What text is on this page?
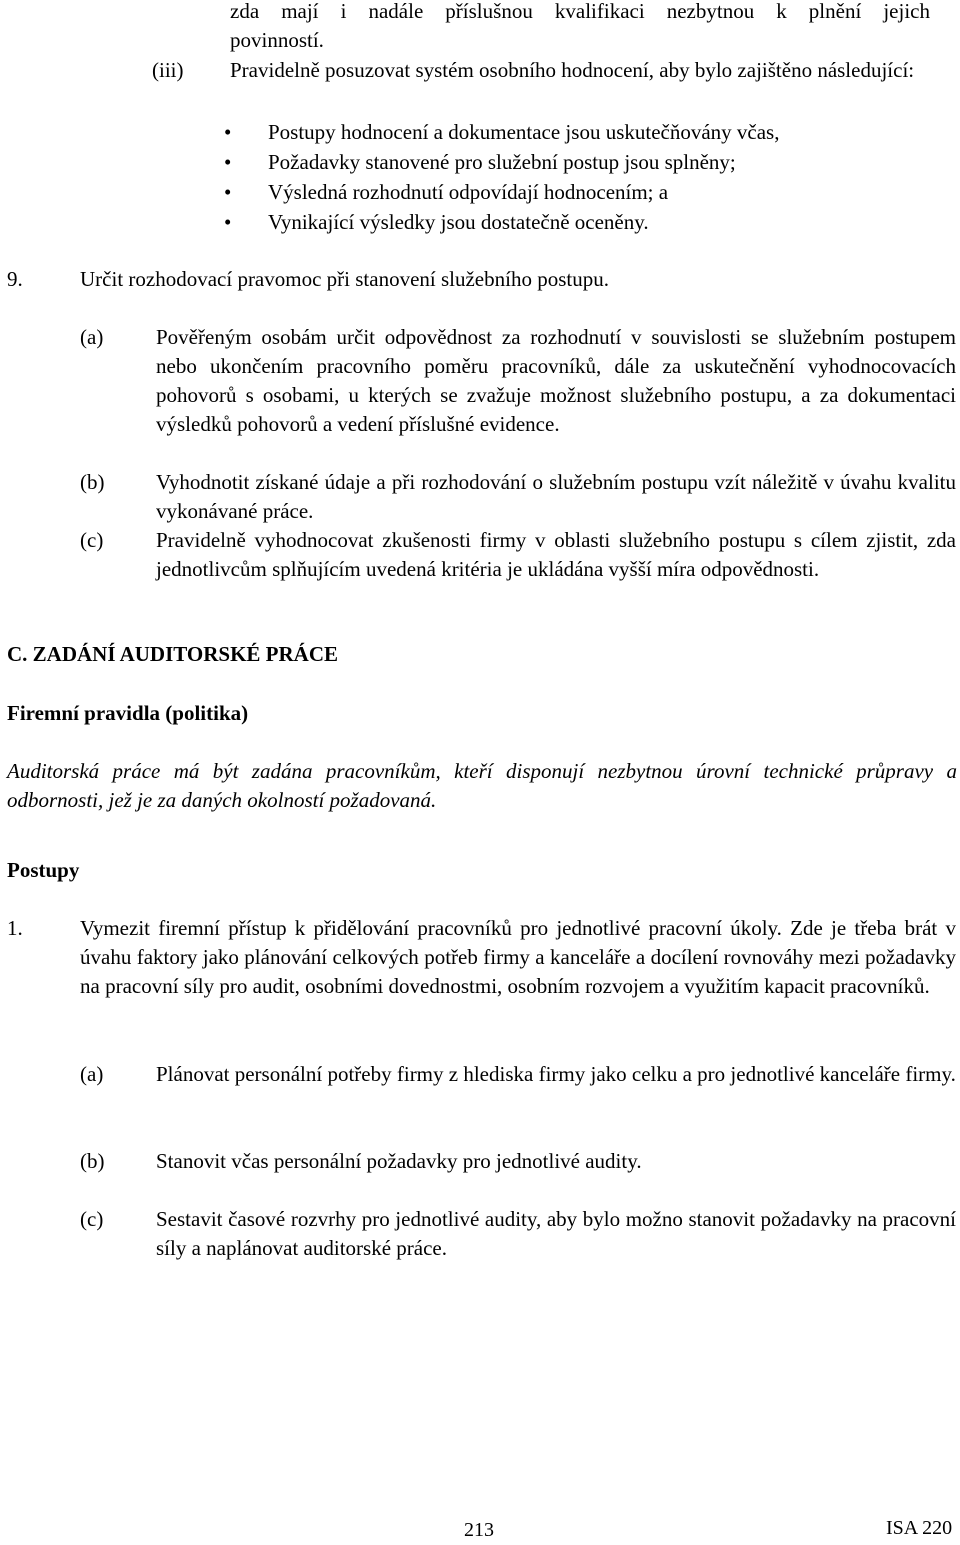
zda mají i nadále příslušnou kvalifikaci nezbytnou k plnění jejich
povinností.
(iii) Pravidelně posuzovat systém osobního hodnocení, aby bylo zajištěno následující:
• Postupy hodnocení a dokumentace jsou uskutečňovány včas,
• Požadavky stanovené pro služební postup jsou splněny;
• Výsledná rozhodnutí odpovídají hodnocením; a
• Vynikající výsledky jsou dostatečně oceněny.
9.	Určit rozhodovací pravomoc při stanovení služebního postupu.
(a)	Pověřeným osobám určit odpovědnost za rozhodnutí v souvislosti se služebním postupem nebo ukončením pracovního poměru pracovníků, dále za uskutečnění vyhodnocovacích pohovorů s osobami, u kterých se zvažuje možnost služebního postupu, a za dokumentaci výsledků pohovorů a vedení příslušné evidence.
(b) Vyhodnotit získané údaje a při rozhodování o služebním postupu vzít náležitě v úvahu kvalitu vykonávané práce.
(c)	Pravidelně vyhodnocovat zkušenosti firmy v oblasti služebního postupu s cílem zjistit, zda jednotlivcům splňujícím uvedená kritéria je ukládána vyšší míra odpovědnosti.
C. ZADÁNÍ AUDITORSKÉ PRÁCE
Firemní pravidla (politika)
Auditorská práce má být zadána pracovníkům, kteří disponují nezbytnou úrovní technické průpravy a odbornosti, jež je za daných okolností požadovaná.
Postupy
1.	Vymezit firemní přístup k přidělování pracovníků pro jednotlivé pracovní úkoly. Zde je třeba brát v úvahu faktory jako plánování celkových potřeb firmy a kanceláře a docílení rovnováhy mezi požadavky na pracovní síly pro audit, osobními dovednostmi, osobním rozvojem a využitím kapacit pracovníků.
(a)	Plánovat personální potřeby firmy z hlediska firmy jako celku a pro jednotlivé kanceláře firmy.
(b) Stanovit včas personální požadavky pro jednotlivé audity.
(c)	Sestavit časové rozvrhy pro jednotlivé audity, aby bylo možno stanovit požadavky na pracovní síly a naplánovat auditorské práce.
213	ISA 220
